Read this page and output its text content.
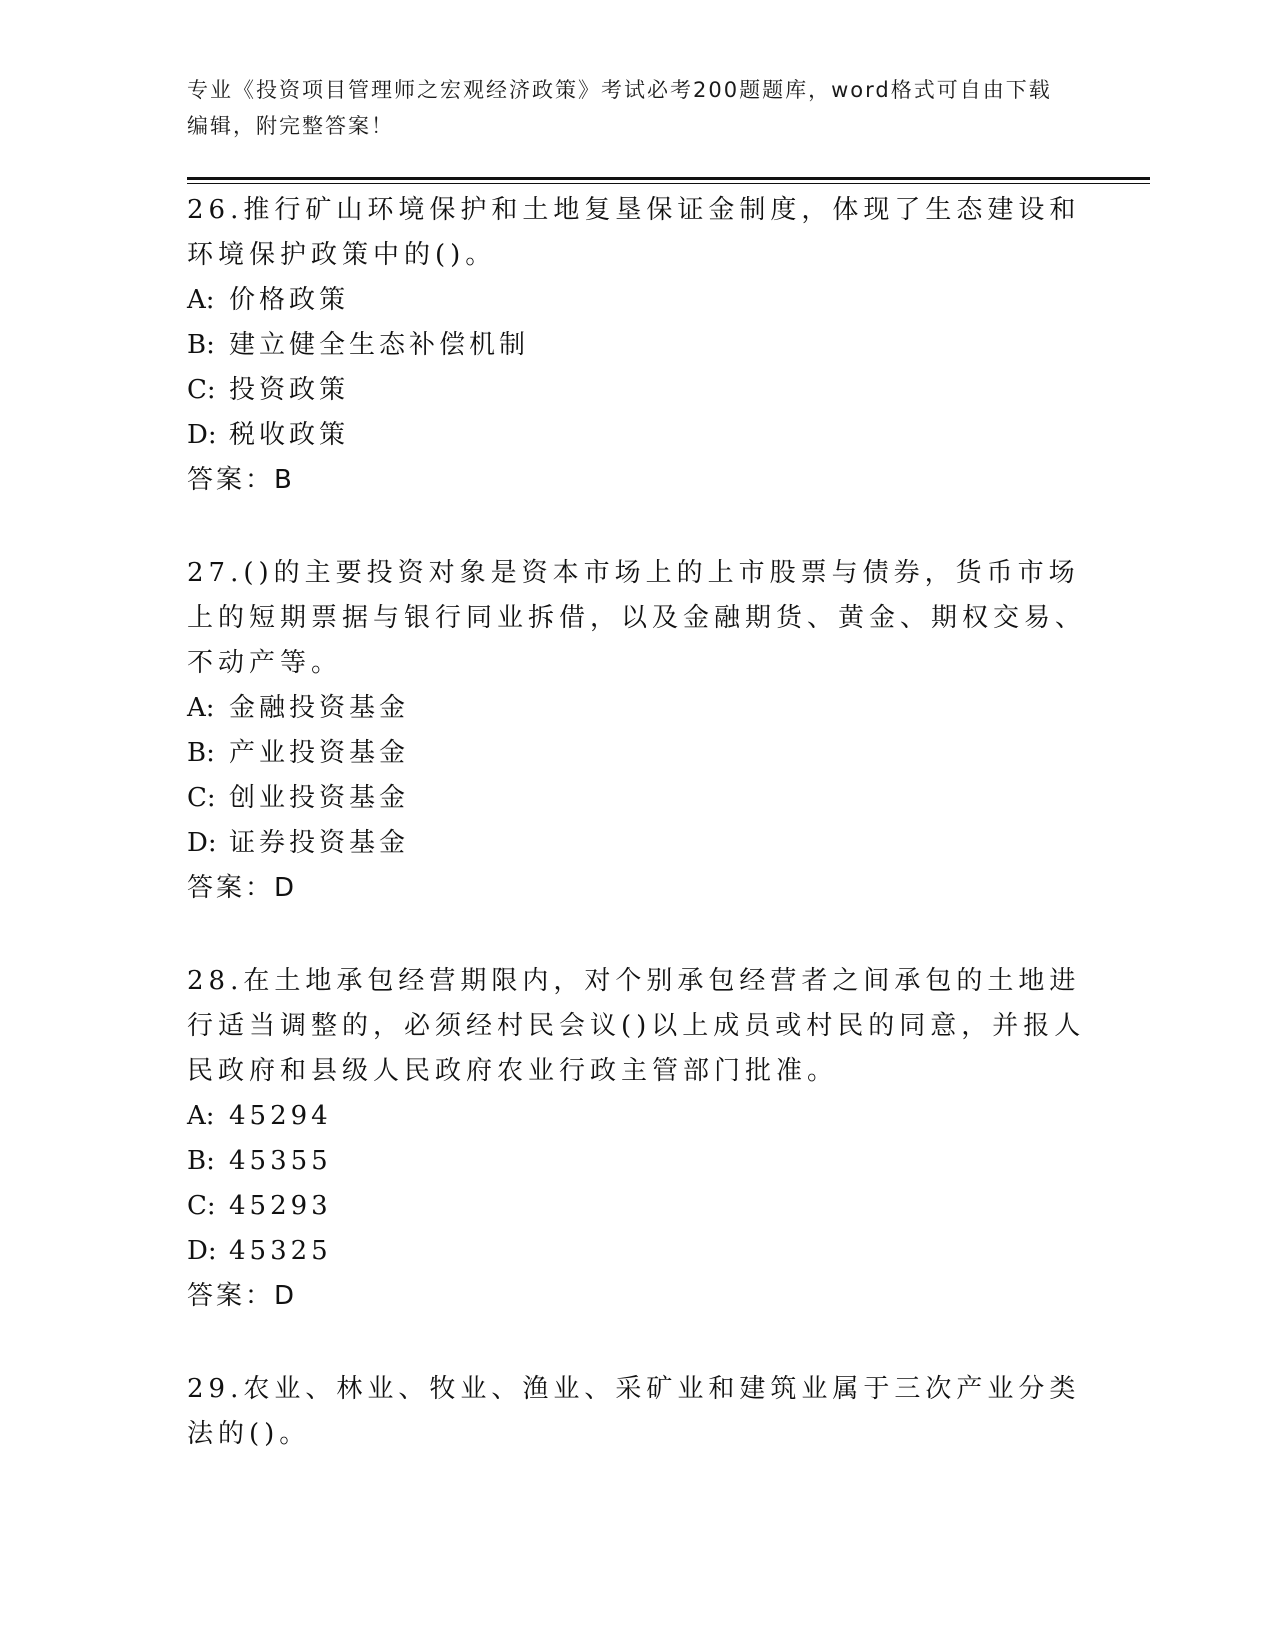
专业《投资项目管理师之宏观经济政策》考试必考200题题库，word格式可自由下载编辑，附完整答案！

26.推行矿山环境保护和土地复垦保证金制度，体现了生态建设和环境保护政策中的()。

A: 价格政策

B: 建立健全生态补偿机制

C: 投资政策

D: 税收政策

答案：B

27.()的主要投资对象是资本市场上的上市股票与债券，货币市场上的短期票据与银行同业拆借，以及金融期货、黄金、期权交易、不动产等。

A: 金融投资基金

B: 产业投资基金

C: 创业投资基金

D: 证券投资基金

答案：D

28.在土地承包经营期限内，对个别承包经营者之间承包的土地进行适当调整的，必须经村民会议()以上成员或村民的同意，并报人民政府和县级人民政府农业行政主管部门批准。

A: 45294

B: 45355

C: 45293

D: 45325

答案：D

29.农业、林业、牧业、渔业、采矿业和建筑业属于三次产业分类法的()。
